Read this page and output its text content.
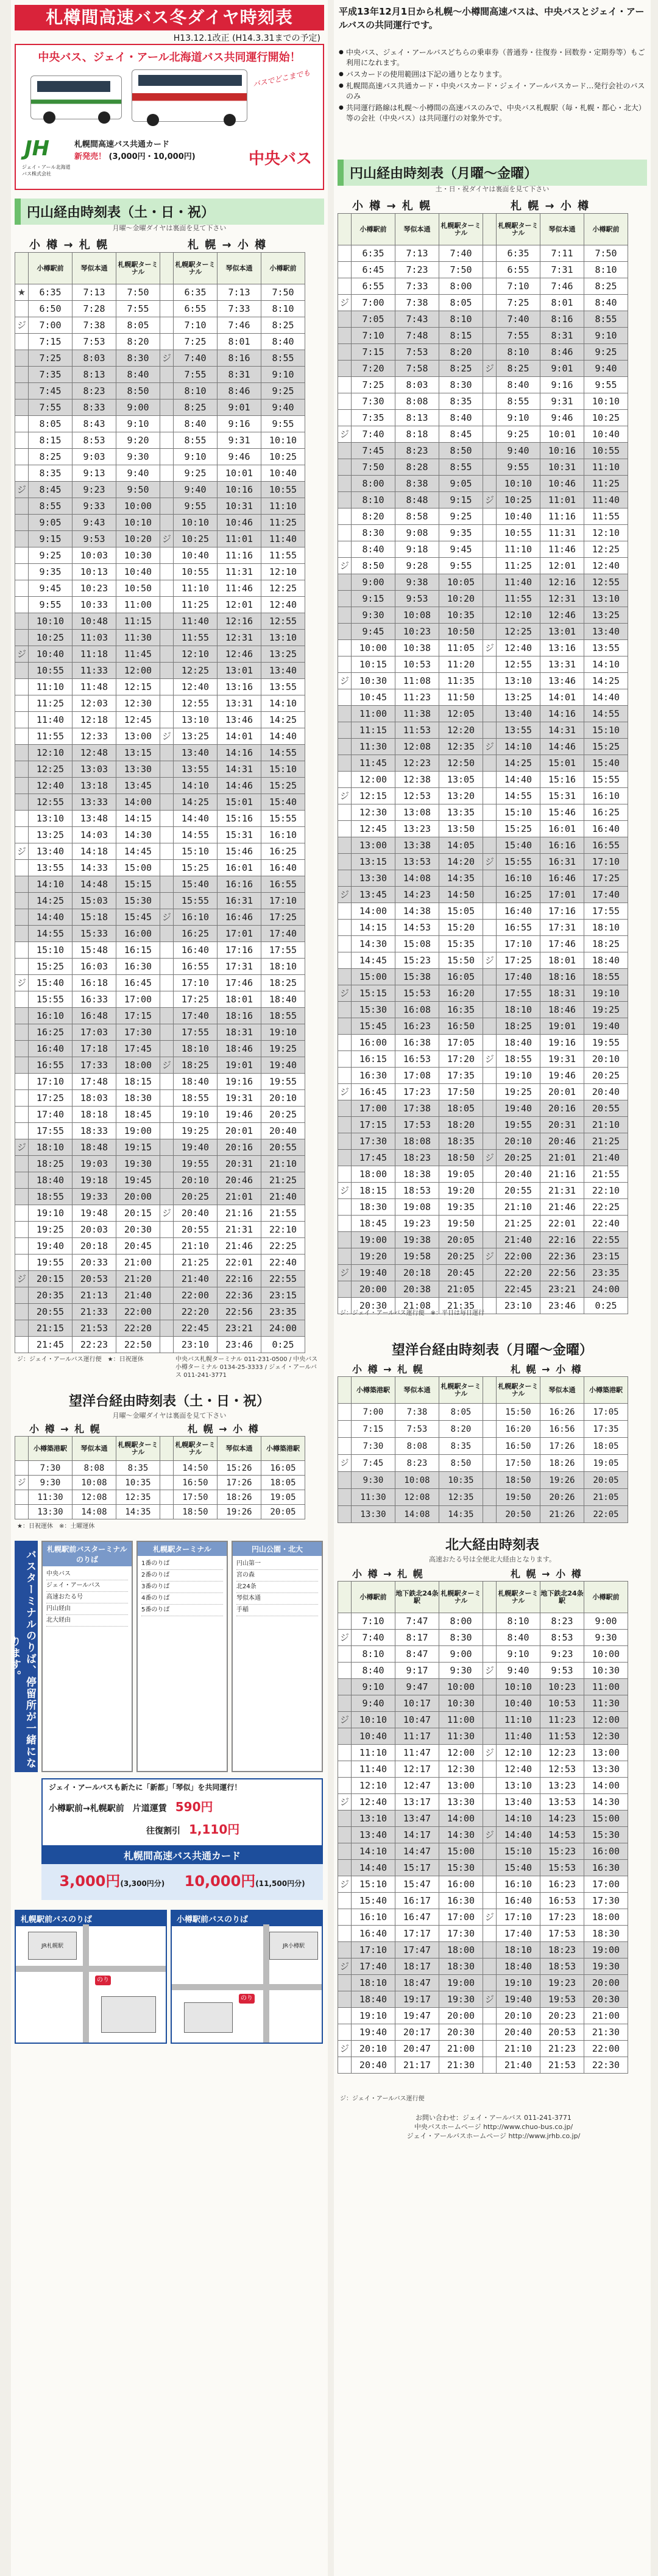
札樽間高速バス冬ダイヤ時刻表
H13.12.1改正 (H14.3.31までの予定)
中央バス、ジェイ・アール北海道バス共同運行開始！
バスでどこまでも
JH
ジェイ・アール北海道バス株式会社
札幌間高速バス共通カード
新発売！ (3,000円・10,000円)	中央バス
円山経由時刻表（土・日・祝）
月曜～金曜ダイヤは裏面を見て下さい
小 樽 → 札 幌	札 幌 → 小 樽
	小樽駅前	琴似本通	札幌駅ターミナル		札幌駅ターミナル	琴似本通	小樽駅前
★	6:35	7:13	7:50		6:35	7:13	7:50
	6:50	7:28	7:55		6:55	7:33	8:10
ジ	7:00	7:38	8:05		7:10	7:46	8:25
	7:15	7:53	8:20		7:25	8:01	8:40
	7:25	8:03	8:30	ジ	7:40	8:16	8:55
	7:35	8:13	8:40		7:55	8:31	9:10
	7:45	8:23	8:50		8:10	8:46	9:25
	7:55	8:33	9:00		8:25	9:01	9:40
	8:05	8:43	9:10		8:40	9:16	9:55
	8:15	8:53	9:20		8:55	9:31	10:10
	8:25	9:03	9:30		9:10	9:46	10:25
	8:35	9:13	9:40		9:25	10:01	10:40
ジ	8:45	9:23	9:50		9:40	10:16	10:55
	8:55	9:33	10:00		9:55	10:31	11:10
	9:05	9:43	10:10		10:10	10:46	11:25
	9:15	9:53	10:20	ジ	10:25	11:01	11:40
	9:25	10:03	10:30		10:40	11:16	11:55
	9:35	10:13	10:40		10:55	11:31	12:10
	9:45	10:23	10:50		11:10	11:46	12:25
	9:55	10:33	11:00		11:25	12:01	12:40
	10:10	10:48	11:15		11:40	12:16	12:55
	10:25	11:03	11:30		11:55	12:31	13:10
ジ	10:40	11:18	11:45		12:10	12:46	13:25
	10:55	11:33	12:00		12:25	13:01	13:40
	11:10	11:48	12:15		12:40	13:16	13:55
	11:25	12:03	12:30		12:55	13:31	14:10
	11:40	12:18	12:45		13:10	13:46	14:25
	11:55	12:33	13:00	ジ	13:25	14:01	14:40
	12:10	12:48	13:15		13:40	14:16	14:55
	12:25	13:03	13:30		13:55	14:31	15:10
	12:40	13:18	13:45		14:10	14:46	15:25
	12:55	13:33	14:00		14:25	15:01	15:40
	13:10	13:48	14:15		14:40	15:16	15:55
	13:25	14:03	14:30		14:55	15:31	16:10
ジ	13:40	14:18	14:45		15:10	15:46	16:25
	13:55	14:33	15:00		15:25	16:01	16:40
	14:10	14:48	15:15		15:40	16:16	16:55
	14:25	15:03	15:30		15:55	16:31	17:10
	14:40	15:18	15:45	ジ	16:10	16:46	17:25
	14:55	15:33	16:00		16:25	17:01	17:40
	15:10	15:48	16:15		16:40	17:16	17:55
	15:25	16:03	16:30		16:55	17:31	18:10
ジ	15:40	16:18	16:45		17:10	17:46	18:25
	15:55	16:33	17:00		17:25	18:01	18:40
	16:10	16:48	17:15		17:40	18:16	18:55
	16:25	17:03	17:30		17:55	18:31	19:10
	16:40	17:18	17:45		18:10	18:46	19:25
	16:55	17:33	18:00	ジ	18:25	19:01	19:40
	17:10	17:48	18:15		18:40	19:16	19:55
	17:25	18:03	18:30		18:55	19:31	20:10
	17:40	18:18	18:45		19:10	19:46	20:25
	17:55	18:33	19:00		19:25	20:01	20:40
ジ	18:10	18:48	19:15		19:40	20:16	20:55
	18:25	19:03	19:30		19:55	20:31	21:10
	18:40	19:18	19:45		20:10	20:46	21:25
	18:55	19:33	20:00		20:25	21:01	21:40
	19:10	19:48	20:15	ジ	20:40	21:16	21:55
	19:25	20:03	20:30		20:55	21:31	22:10
	19:40	20:18	20:45		21:10	21:46	22:25
	19:55	20:33	21:00		21:25	22:01	22:40
ジ	20:15	20:53	21:20		21:40	22:16	22:55
	20:35	21:13	21:40		22:00	22:36	23:15
	20:55	21:33	22:00		22:20	22:56	23:35
	21:15	21:53	22:20		22:45	23:21	24:00
	21:45	22:23	22:50		23:10	23:46	0:25
ジ：ジェイ・アールバス運行便　★：日祝運休	中央バス札幌ターミナル 011-231-0500 / 中央バス小樽ターミナル 0134-25-3333 / ジェイ・アールバス 011-241-3771
望洋台経由時刻表（土・日・祝）
月曜～金曜ダイヤは裏面を見て下さい
小 樽 → 札 幌	札 幌 → 小 樽
	小樽築港駅	琴似本通	札幌駅ターミナル		札幌駅ターミナル	琴似本通	小樽築港駅
	7:30	8:08	8:35		14:50	15:26	16:05
ジ	9:30	10:08	10:35		16:50	17:26	18:05
	11:30	12:08	12:35		17:50	18:26	19:05
	13:30	14:08	14:35		18:50	19:26	20:05
★：日祝運休　※：土曜運休
バスターミナルのりば、停留所が一緒になります。
札幌駅前バスターミナルのりば
中央バス
ジェイ・アールバス
高速おたる号
円山経由
北大経由
札幌駅ターミナル
1番のりば
2番のりば
3番のりば
4番のりば
5番のりば
円山公園・北大
円山第一
宮の森
北24条
琴似本通
手稲
ジェイ・アールバスも新たに「新都」「琴似」を共同運行！
小樽駅前→札幌駅前　 片道運賃　 590円
往復割引　 1,110円
札幌間高速バス共通カード
3,000円(3,300円分) 　 10,000円(11,500円分)
札幌駅前バスのりば
JR札幌駅
のりば
小樽駅前バスのりば
JR小樽駅
のりば
平成13年12月1日から札幌～小樽間高速バスは、中央バスとジェイ・アールバスの共同運行です。
● 中央バス、ジェイ・アールバスどちらの乗車券（普通券・往復券・回数券・定期券等）もご利用になれます。
● バスカードの使用範囲は下記の通りとなります。
● 札幌間高速バス共通カード・中央バスカード・ジェイ・アールバスカード…発行会社のバスのみ
● 共同運行路線は札幌～小樽間の高速バスのみで、中央バス札幌駅（毎・札幌・都心・北大）等の会社（中央バス）は共同運行の対象外です。
円山経由時刻表（月曜～金曜）
土・日・祝ダイヤは裏面を見て下さい
小 樽 → 札 幌	札 幌 → 小 樽
	小樽駅前	琴似本通	札幌駅ターミナル		札幌駅ターミナル	琴似本通	小樽駅前
	6:35	7:13	7:40		6:35	7:11	7:50
	6:45	7:23	7:50		6:55	7:31	8:10
	6:55	7:33	8:00		7:10	7:46	8:25
ジ	7:00	7:38	8:05		7:25	8:01	8:40
	7:05	7:43	8:10		7:40	8:16	8:55
	7:10	7:48	8:15		7:55	8:31	9:10
	7:15	7:53	8:20		8:10	8:46	9:25
	7:20	7:58	8:25	ジ	8:25	9:01	9:40
	7:25	8:03	8:30		8:40	9:16	9:55
	7:30	8:08	8:35		8:55	9:31	10:10
	7:35	8:13	8:40		9:10	9:46	10:25
ジ	7:40	8:18	8:45		9:25	10:01	10:40
	7:45	8:23	8:50		9:40	10:16	10:55
	7:50	8:28	8:55		9:55	10:31	11:10
	8:00	8:38	9:05		10:10	10:46	11:25
	8:10	8:48	9:15	ジ	10:25	11:01	11:40
	8:20	8:58	9:25		10:40	11:16	11:55
	8:30	9:08	9:35		10:55	11:31	12:10
	8:40	9:18	9:45		11:10	11:46	12:25
ジ	8:50	9:28	9:55		11:25	12:01	12:40
	9:00	9:38	10:05		11:40	12:16	12:55
	9:15	9:53	10:20		11:55	12:31	13:10
	9:30	10:08	10:35		12:10	12:46	13:25
	9:45	10:23	10:50		12:25	13:01	13:40
	10:00	10:38	11:05	ジ	12:40	13:16	13:55
	10:15	10:53	11:20		12:55	13:31	14:10
ジ	10:30	11:08	11:35		13:10	13:46	14:25
	10:45	11:23	11:50		13:25	14:01	14:40
	11:00	11:38	12:05		13:40	14:16	14:55
	11:15	11:53	12:20		13:55	14:31	15:10
	11:30	12:08	12:35	ジ	14:10	14:46	15:25
	11:45	12:23	12:50		14:25	15:01	15:40
	12:00	12:38	13:05		14:40	15:16	15:55
ジ	12:15	12:53	13:20		14:55	15:31	16:10
	12:30	13:08	13:35		15:10	15:46	16:25
	12:45	13:23	13:50		15:25	16:01	16:40
	13:00	13:38	14:05		15:40	16:16	16:55
	13:15	13:53	14:20	ジ	15:55	16:31	17:10
	13:30	14:08	14:35		16:10	16:46	17:25
ジ	13:45	14:23	14:50		16:25	17:01	17:40
	14:00	14:38	15:05		16:40	17:16	17:55
	14:15	14:53	15:20		16:55	17:31	18:10
	14:30	15:08	15:35		17:10	17:46	18:25
	14:45	15:23	15:50	ジ	17:25	18:01	18:40
	15:00	15:38	16:05		17:40	18:16	18:55
ジ	15:15	15:53	16:20		17:55	18:31	19:10
	15:30	16:08	16:35		18:10	18:46	19:25
	15:45	16:23	16:50		18:25	19:01	19:40
	16:00	16:38	17:05		18:40	19:16	19:55
	16:15	16:53	17:20	ジ	18:55	19:31	20:10
	16:30	17:08	17:35		19:10	19:46	20:25
ジ	16:45	17:23	17:50		19:25	20:01	20:40
	17:00	17:38	18:05		19:40	20:16	20:55
	17:15	17:53	18:20		19:55	20:31	21:10
	17:30	18:08	18:35		20:10	20:46	21:25
	17:45	18:23	18:50	ジ	20:25	21:01	21:40
	18:00	18:38	19:05		20:40	21:16	21:55
ジ	18:15	18:53	19:20		20:55	21:31	22:10
	18:30	19:08	19:35		21:10	21:46	22:25
	18:45	19:23	19:50		21:25	22:01	22:40
	19:00	19:38	20:05		21:40	22:16	22:55
	19:20	19:58	20:25	ジ	22:00	22:36	23:15
ジ	19:40	20:18	20:45		22:20	22:56	23:35
	20:00	20:38	21:05		22:45	23:21	24:00
	20:30	21:08	21:35		23:10	23:46	0:25
ジ：ジェイ・アールバス運行便　※：平日は毎日運行
望洋台経由時刻表（月曜～金曜）
小 樽 → 札 幌	札 幌 → 小 樽
	小樽築港駅	琴似本通	札幌駅ターミナル		札幌駅ターミナル	琴似本通	小樽築港駅
	7:00	7:38	8:05		15:50	16:26	17:05
	7:15	7:53	8:20		16:20	16:56	17:35
	7:30	8:08	8:35		16:50	17:26	18:05
ジ	7:45	8:23	8:50		17:50	18:26	19:05
	9:30	10:08	10:35		18:50	19:26	20:05
	11:30	12:08	12:35		19:50	20:26	21:05
	13:30	14:08	14:35		20:50	21:26	22:05
北大経由時刻表
高速おたる号は全便北大経由となります。
小 樽 → 札 幌	札 幌 → 小 樽
	小樽駅前	地下鉄北24条駅	札幌駅ターミナル		札幌駅ターミナル	地下鉄北24条駅	小樽駅前
	7:10	7:47	8:00		8:10	8:23	9:00
ジ	7:40	8:17	8:30		8:40	8:53	9:30
	8:10	8:47	9:00		9:10	9:23	10:00
	8:40	9:17	9:30	ジ	9:40	9:53	10:30
	9:10	9:47	10:00		10:10	10:23	11:00
	9:40	10:17	10:30		10:40	10:53	11:30
ジ	10:10	10:47	11:00		11:10	11:23	12:00
	10:40	11:17	11:30		11:40	11:53	12:30
	11:10	11:47	12:00	ジ	12:10	12:23	13:00
	11:40	12:17	12:30		12:40	12:53	13:30
	12:10	12:47	13:00		13:10	13:23	14:00
ジ	12:40	13:17	13:30		13:40	13:53	14:30
	13:10	13:47	14:00		14:10	14:23	15:00
	13:40	14:17	14:30	ジ	14:40	14:53	15:30
	14:10	14:47	15:00		15:10	15:23	16:00
	14:40	15:17	15:30		15:40	15:53	16:30
ジ	15:10	15:47	16:00		16:10	16:23	17:00
	15:40	16:17	16:30		16:40	16:53	17:30
	16:10	16:47	17:00	ジ	17:10	17:23	18:00
	16:40	17:17	17:30		17:40	17:53	18:30
	17:10	17:47	18:00		18:10	18:23	19:00
ジ	17:40	18:17	18:30		18:40	18:53	19:30
	18:10	18:47	19:00		19:10	19:23	20:00
	18:40	19:17	19:30	ジ	19:40	19:53	20:30
	19:10	19:47	20:00		20:10	20:23	21:00
	19:40	20:17	20:30		20:40	20:53	21:30
ジ	20:10	20:47	21:00		21:10	21:23	22:00
	20:40	21:17	21:30		21:40	21:53	22:30
ジ：ジェイ・アールバス運行便
お問い合わせ：ジェイ・アールバス 011-241-3771
中央バスホームページ http://www.chuo-bus.co.jp/
ジェイ・アールバスホームページ http://www.jrhb.co.jp/
